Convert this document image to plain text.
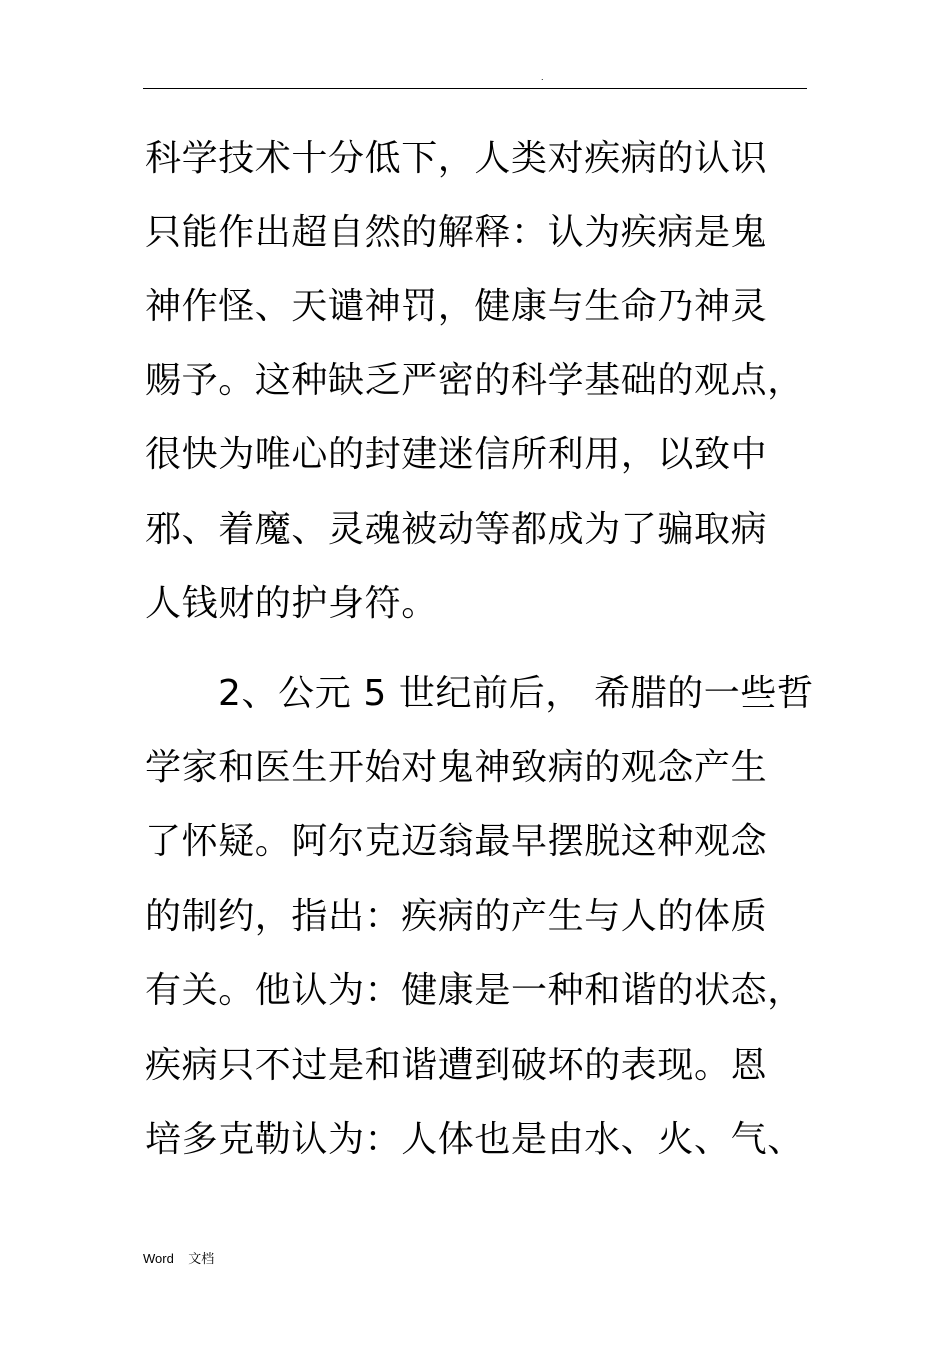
.
科学技术十分低下，人类对疾病的认识
只能作出超自然的解释：认为疾病是鬼
神作怪、天谴神罚，健康与生命乃神灵
赐予。这种缺乏严密的科学基础的观点，
很快为唯心的封建迷信所利用，以致中
邪、着魔、灵魂被动等都成为了骗取病
人钱财的护身符。
2、公元 5 世纪前后， 希腊的一些哲
学家和医生开始对鬼神致病的观念产生
了怀疑。阿尔克迈翁最早摆脱这种观念
的制约，指出：疾病的产生与人的体质
有关。他认为：健康是一种和谐的状态，
疾病只不过是和谐遭到破坏的表现。恩
培多克勒认为：人体也是由水、火、气、
Word    文档
